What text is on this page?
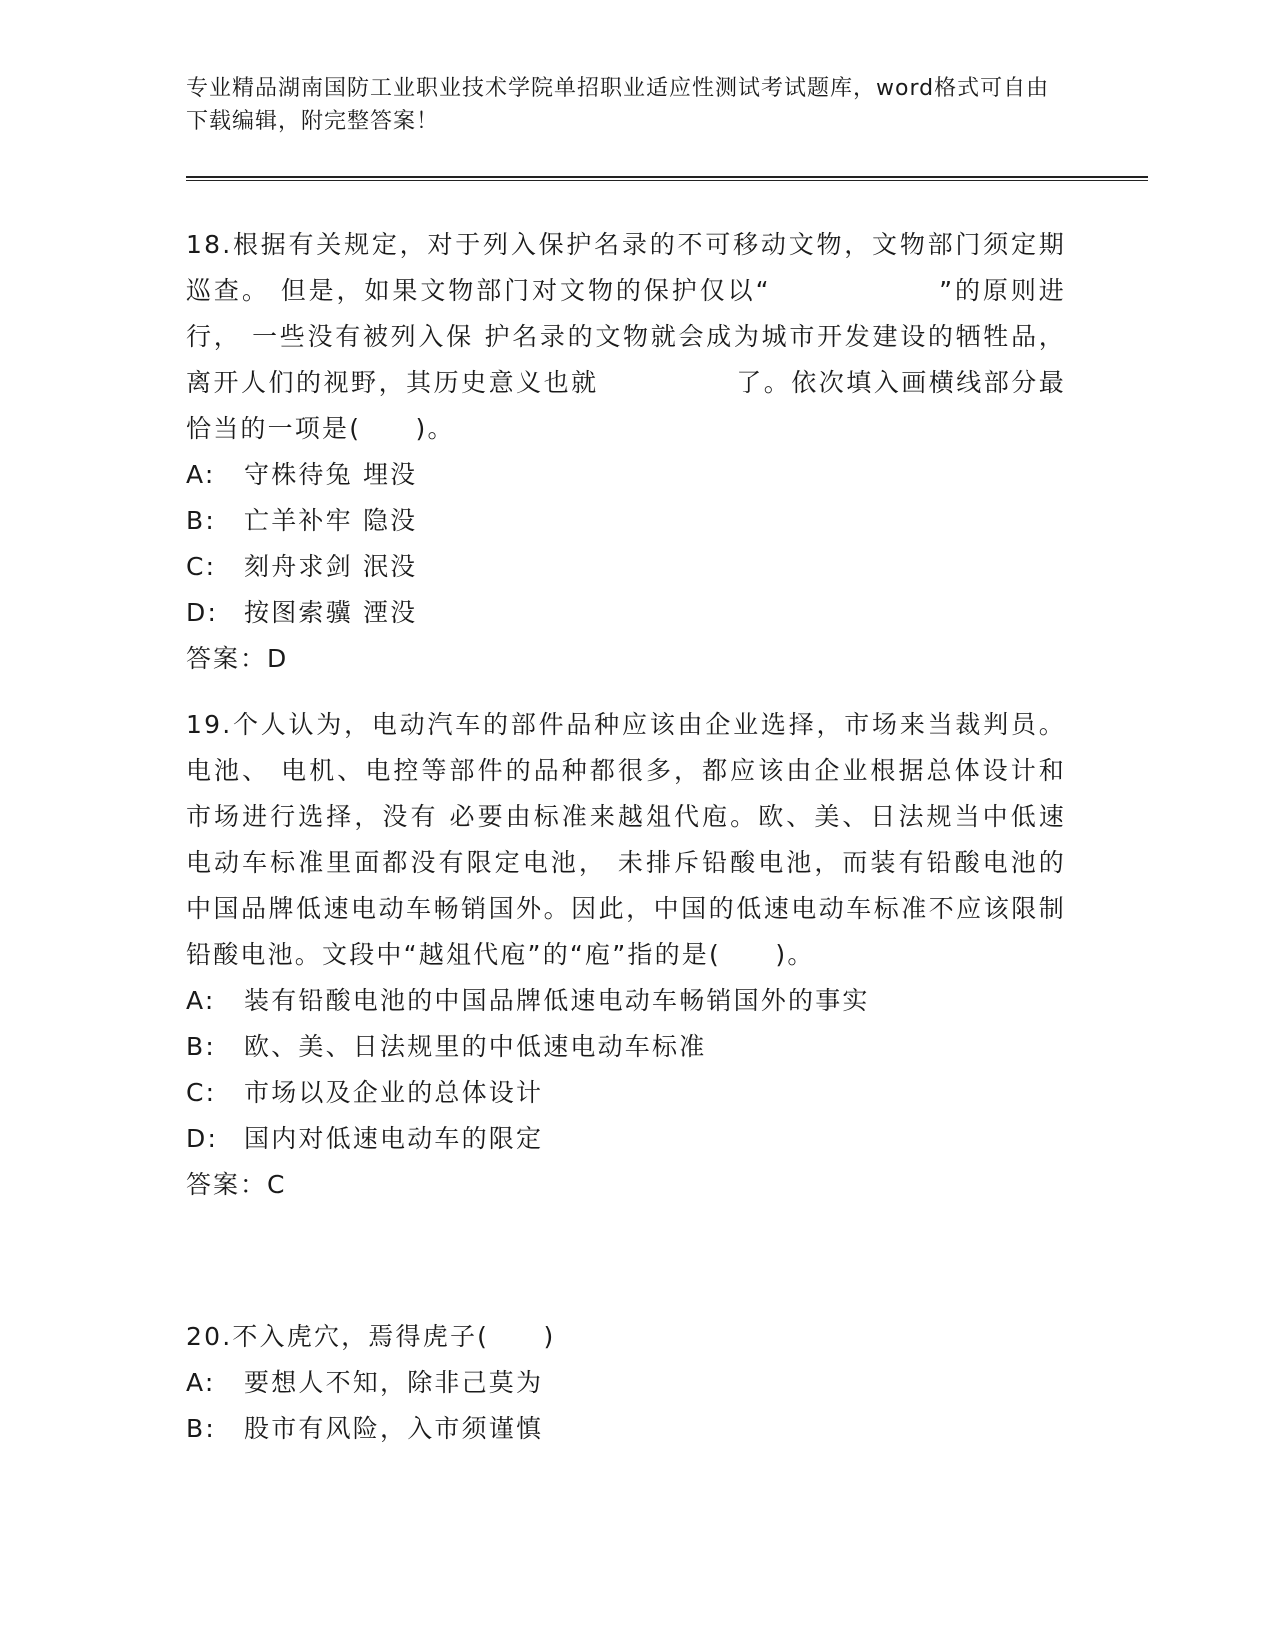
专业精品湖南国防工业职业技术学院单招职业适应性测试考试题库，word格式可自由下载编辑，附完整答案！
18.根据有关规定，对于列入保护名录的不可移动文物，文物部门须定期巡查。 但是，如果文物部门对文物的保护仅以“　　　　　　”的原则进行， 一些没有被列入保 护名录的文物就会成为城市开发建设的牺牲品，离开人们的视野，其历史意义也就　　　　　了。依次填入画横线部分最恰当的一项是(　　)。
A: 守株待兔 埋没
B: 亡羊补牢 隐没
C: 刻舟求剑 泯没
D: 按图索骥 湮没
答案：D
19.个人认为，电动汽车的部件品种应该由企业选择，市场来当裁判员。电池、 电机、电控等部件的品种都很多，都应该由企业根据总体设计和市场进行选择，没有 必要由标准来越俎代庖。欧、美、日法规当中低速电动车标准里面都没有限定电池， 未排斥铅酸电池，而装有铅酸电池的中国品牌低速电动车畅销国外。因此，中国的低速电动车标准不应该限制铅酸电池。文段中“越俎代庖”的“庖”指的是(　　)。
A: 装有铅酸电池的中国品牌低速电动车畅销国外的事实
B: 欧、美、日法规里的中低速电动车标准
C: 市场以及企业的总体设计
D: 国内对低速电动车的限定
答案：C
20.不入虎穴，焉得虎子(　　)
A: 要想人不知，除非己莫为
B: 股市有风险，入市须谨慎
